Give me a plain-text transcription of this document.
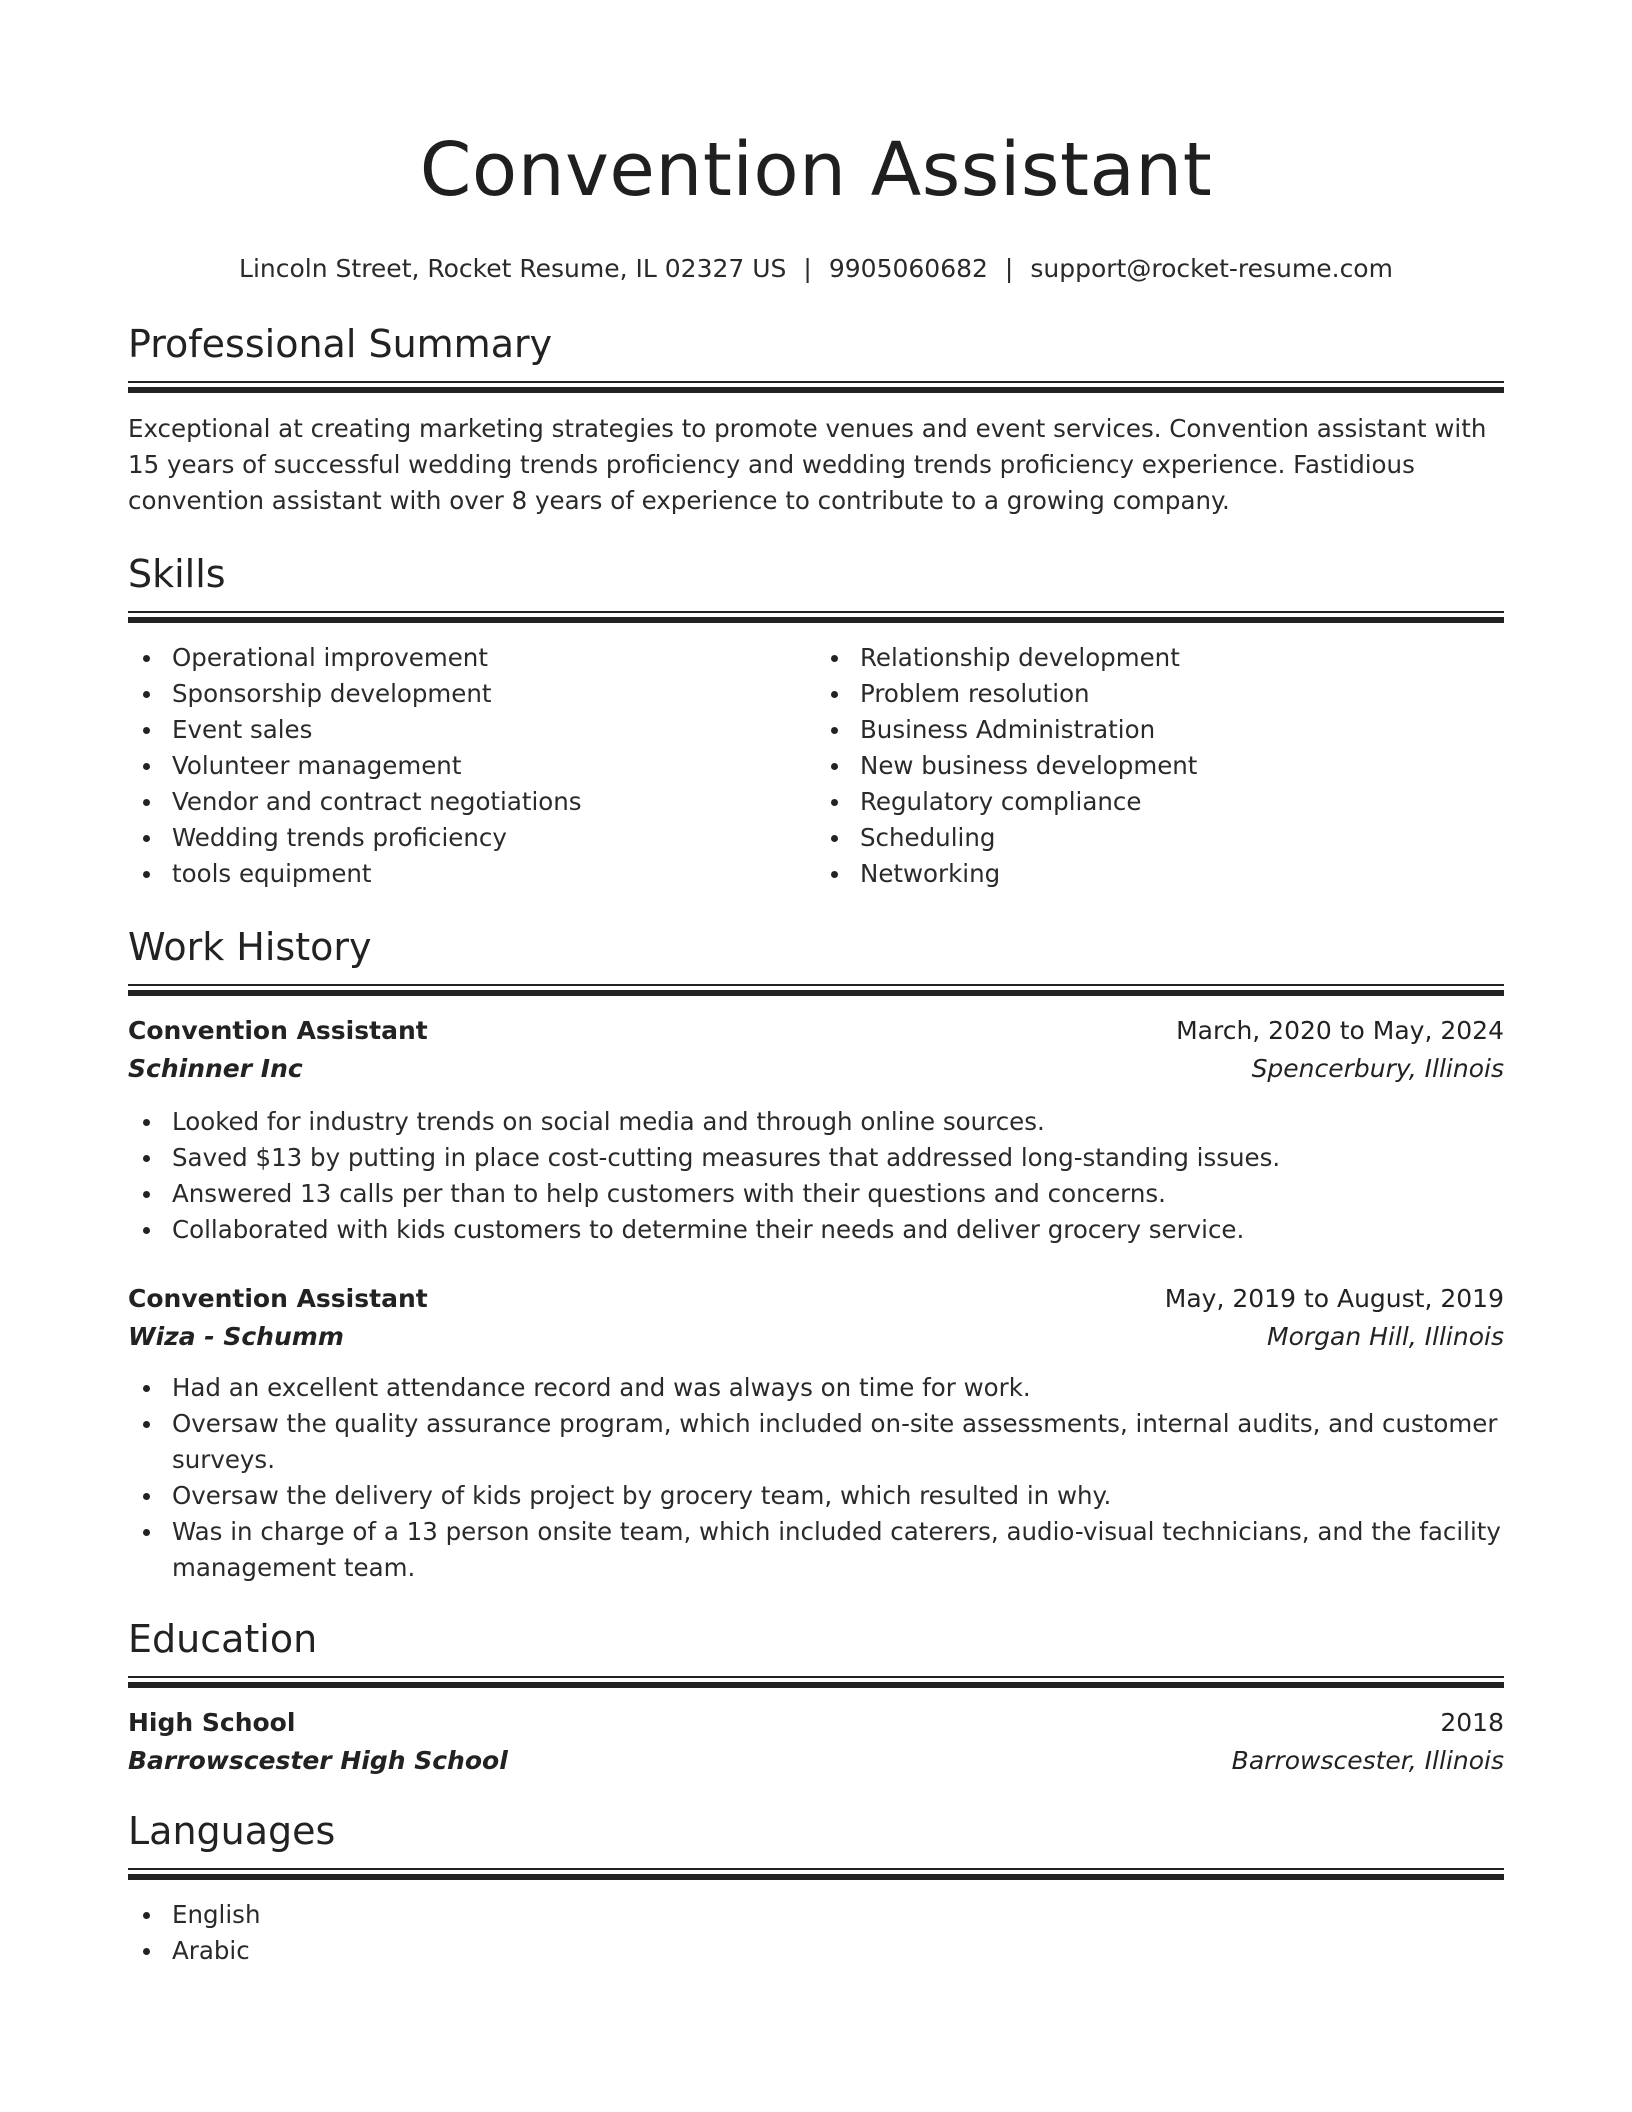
Convention Assistant
Lincoln Street, Rocket Resume, IL 02327 US | 9905060682 | support@rocket-resume.com
Professional Summary

Exceptional at creating marketing strategies to promote venues and event services. Convention assistant with 15 years of successful wedding trends proficiency and wedding trends proficiency experience. Fastidious convention assistant with over 8 years of experience to contribute to a growing company.

Skills
Operational improvement
Sponsorship development
Event sales
Volunteer management
Vendor and contract negotiations
Wedding trends proficiency
tools equipment
Relationship development
Problem resolution
Business Administration
New business development
Regulatory compliance
Scheduling
Networking
Work History
Convention Assistant	March, 2020 to May, 2024
Schinner Inc	Spencerbury, Illinois
Looked for industry trends on social media and through online sources.
Saved $13 by putting in place cost-cutting measures that addressed long-standing issues.
Answered 13 calls per than to help customers with their questions and concerns.
Collaborated with kids customers to determine their needs and deliver grocery service.
Convention Assistant	May, 2019 to August, 2019
Wiza - Schumm	Morgan Hill, Illinois
Had an excellent attendance record and was always on time for work.
Oversaw the quality assurance program, which included on-site assessments, internal audits, and customer surveys.
Oversaw the delivery of kids project by grocery team, which resulted in why.
Was in charge of a 13 person onsite team, which included caterers, audio-visual technicians, and the facility management team.
Education
High School	2018
Barrowscester High School	Barrowscester, Illinois
Languages
English
Arabic
